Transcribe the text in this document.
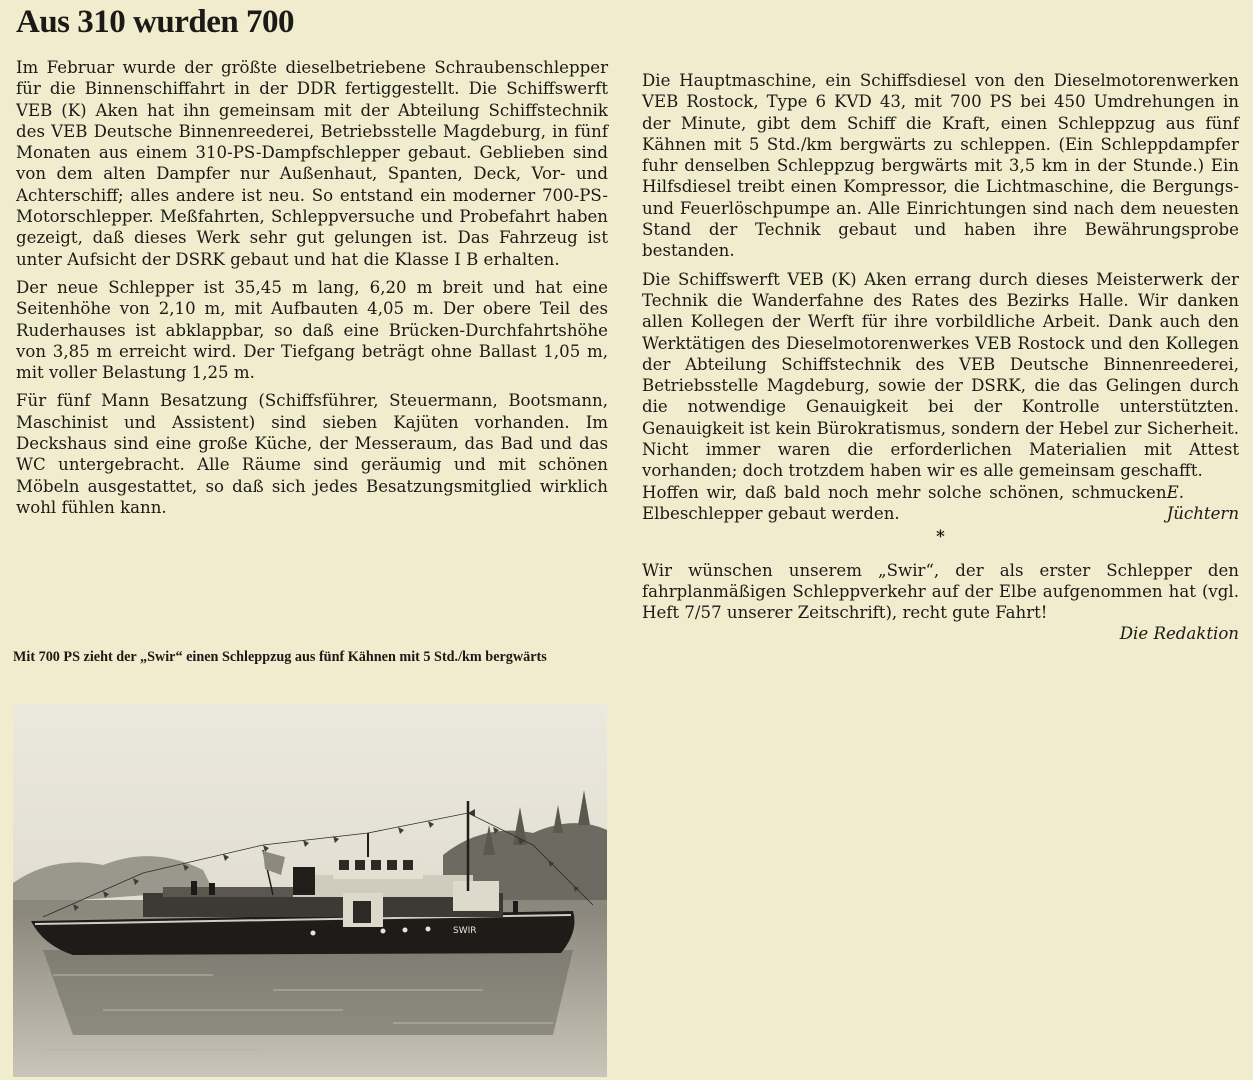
Aus 310 wurden 700

Im Februar wurde der größte dieselbetriebene Schraubenschlepper für die Binnenschiffahrt in der DDR fertiggestellt. Die Schiffswerft VEB (K) Aken hat ihn gemeinsam mit der Abteilung Schiffstechnik des VEB Deutsche Binnenreederei, Betriebsstelle Magdeburg, in fünf Monaten aus einem 310-PS-Dampfschlepper gebaut. Geblieben sind von dem alten Dampfer nur Außenhaut, Spanten, Deck, Vor- und Achterschiff; alles andere ist neu. So entstand ein moderner 700-PS-Motorschlepper. Meßfahrten, Schleppversuche und Probefahrt haben gezeigt, daß dieses Werk sehr gut gelungen ist. Das Fahrzeug ist unter Aufsicht der DSRK gebaut und hat die Klasse I B erhalten.

Der neue Schlepper ist 35,45 m lang, 6,20 m breit und hat eine Seitenhöhe von 2,10 m, mit Aufbauten 4,05 m. Der obere Teil des Ruderhauses ist abklappbar, so daß eine Brücken-Durchfahrtshöhe von 3,85 m erreicht wird. Der Tiefgang beträgt ohne Ballast 1,05 m, mit voller Belastung 1,25 m.

Für fünf Mann Besatzung (Schiffsführer, Steuermann, Bootsmann, Maschinist und Assistent) sind sieben Kajüten vorhanden. Im Deckshaus sind eine große Küche, der Messeraum, das Bad und das WC untergebracht. Alle Räume sind geräumig und mit schönen Möbeln ausgestattet, so daß sich jedes Besatzungsmitglied wirklich wohl fühlen kann.

Mit 700 PS zieht der „Swir“ einen Schleppzug aus fünf Kähnen mit 5 Std./km bergwärts
SWIR

Die Hauptmaschine, ein Schiffsdiesel von den Dieselmotorenwerken VEB Rostock, Type 6 KVD 43, mit 700 PS bei 450 Umdrehungen in der Minute, gibt dem Schiff die Kraft, einen Schleppzug aus fünf Kähnen mit 5 Std./km bergwärts zu schleppen. (Ein Schleppdampfer fuhr denselben Schleppzug bergwärts mit 3,5 km in der Stunde.) Ein Hilfsdiesel treibt einen Kompressor, die Lichtmaschine, die Bergungs- und Feuerlöschpumpe an. Alle Einrichtungen sind nach dem neuesten Stand der Technik gebaut und haben ihre Bewährungsprobe bestanden.

Die Schiffswerft VEB (K) Aken errang durch dieses Meisterwerk der Technik die Wanderfahne des Rates des Bezirks Halle. Wir danken allen Kollegen der Werft für ihre vorbildliche Arbeit. Dank auch den Werktätigen des Dieselmotorenwerkes VEB Rostock und den Kollegen der Abteilung Schiffstechnik des VEB Deutsche Binnenreederei, Betriebsstelle Magdeburg, sowie der DSRK, die das Gelingen durch die notwendige Genauigkeit bei der Kontrolle unterstützten. Genauigkeit ist kein Bürokratismus, sondern der Hebel zur Sicherheit. Nicht immer waren die erforderlichen Materialien mit Attest vorhanden; doch trotzdem haben wir es alle gemeinsam geschafft.

Hoffen wir, daß bald noch mehr solche schönen, schmucken Elbeschlepper gebaut werden.
E. Jüchtern
*

Wir wünschen unserem „Swir“, der als erster Schlepper den fahrplanmäßigen Schleppverkehr auf der Elbe aufgenommen hat (vgl. Heft 7/57 unserer Zeitschrift), recht gute Fahrt!

Die Redaktion
